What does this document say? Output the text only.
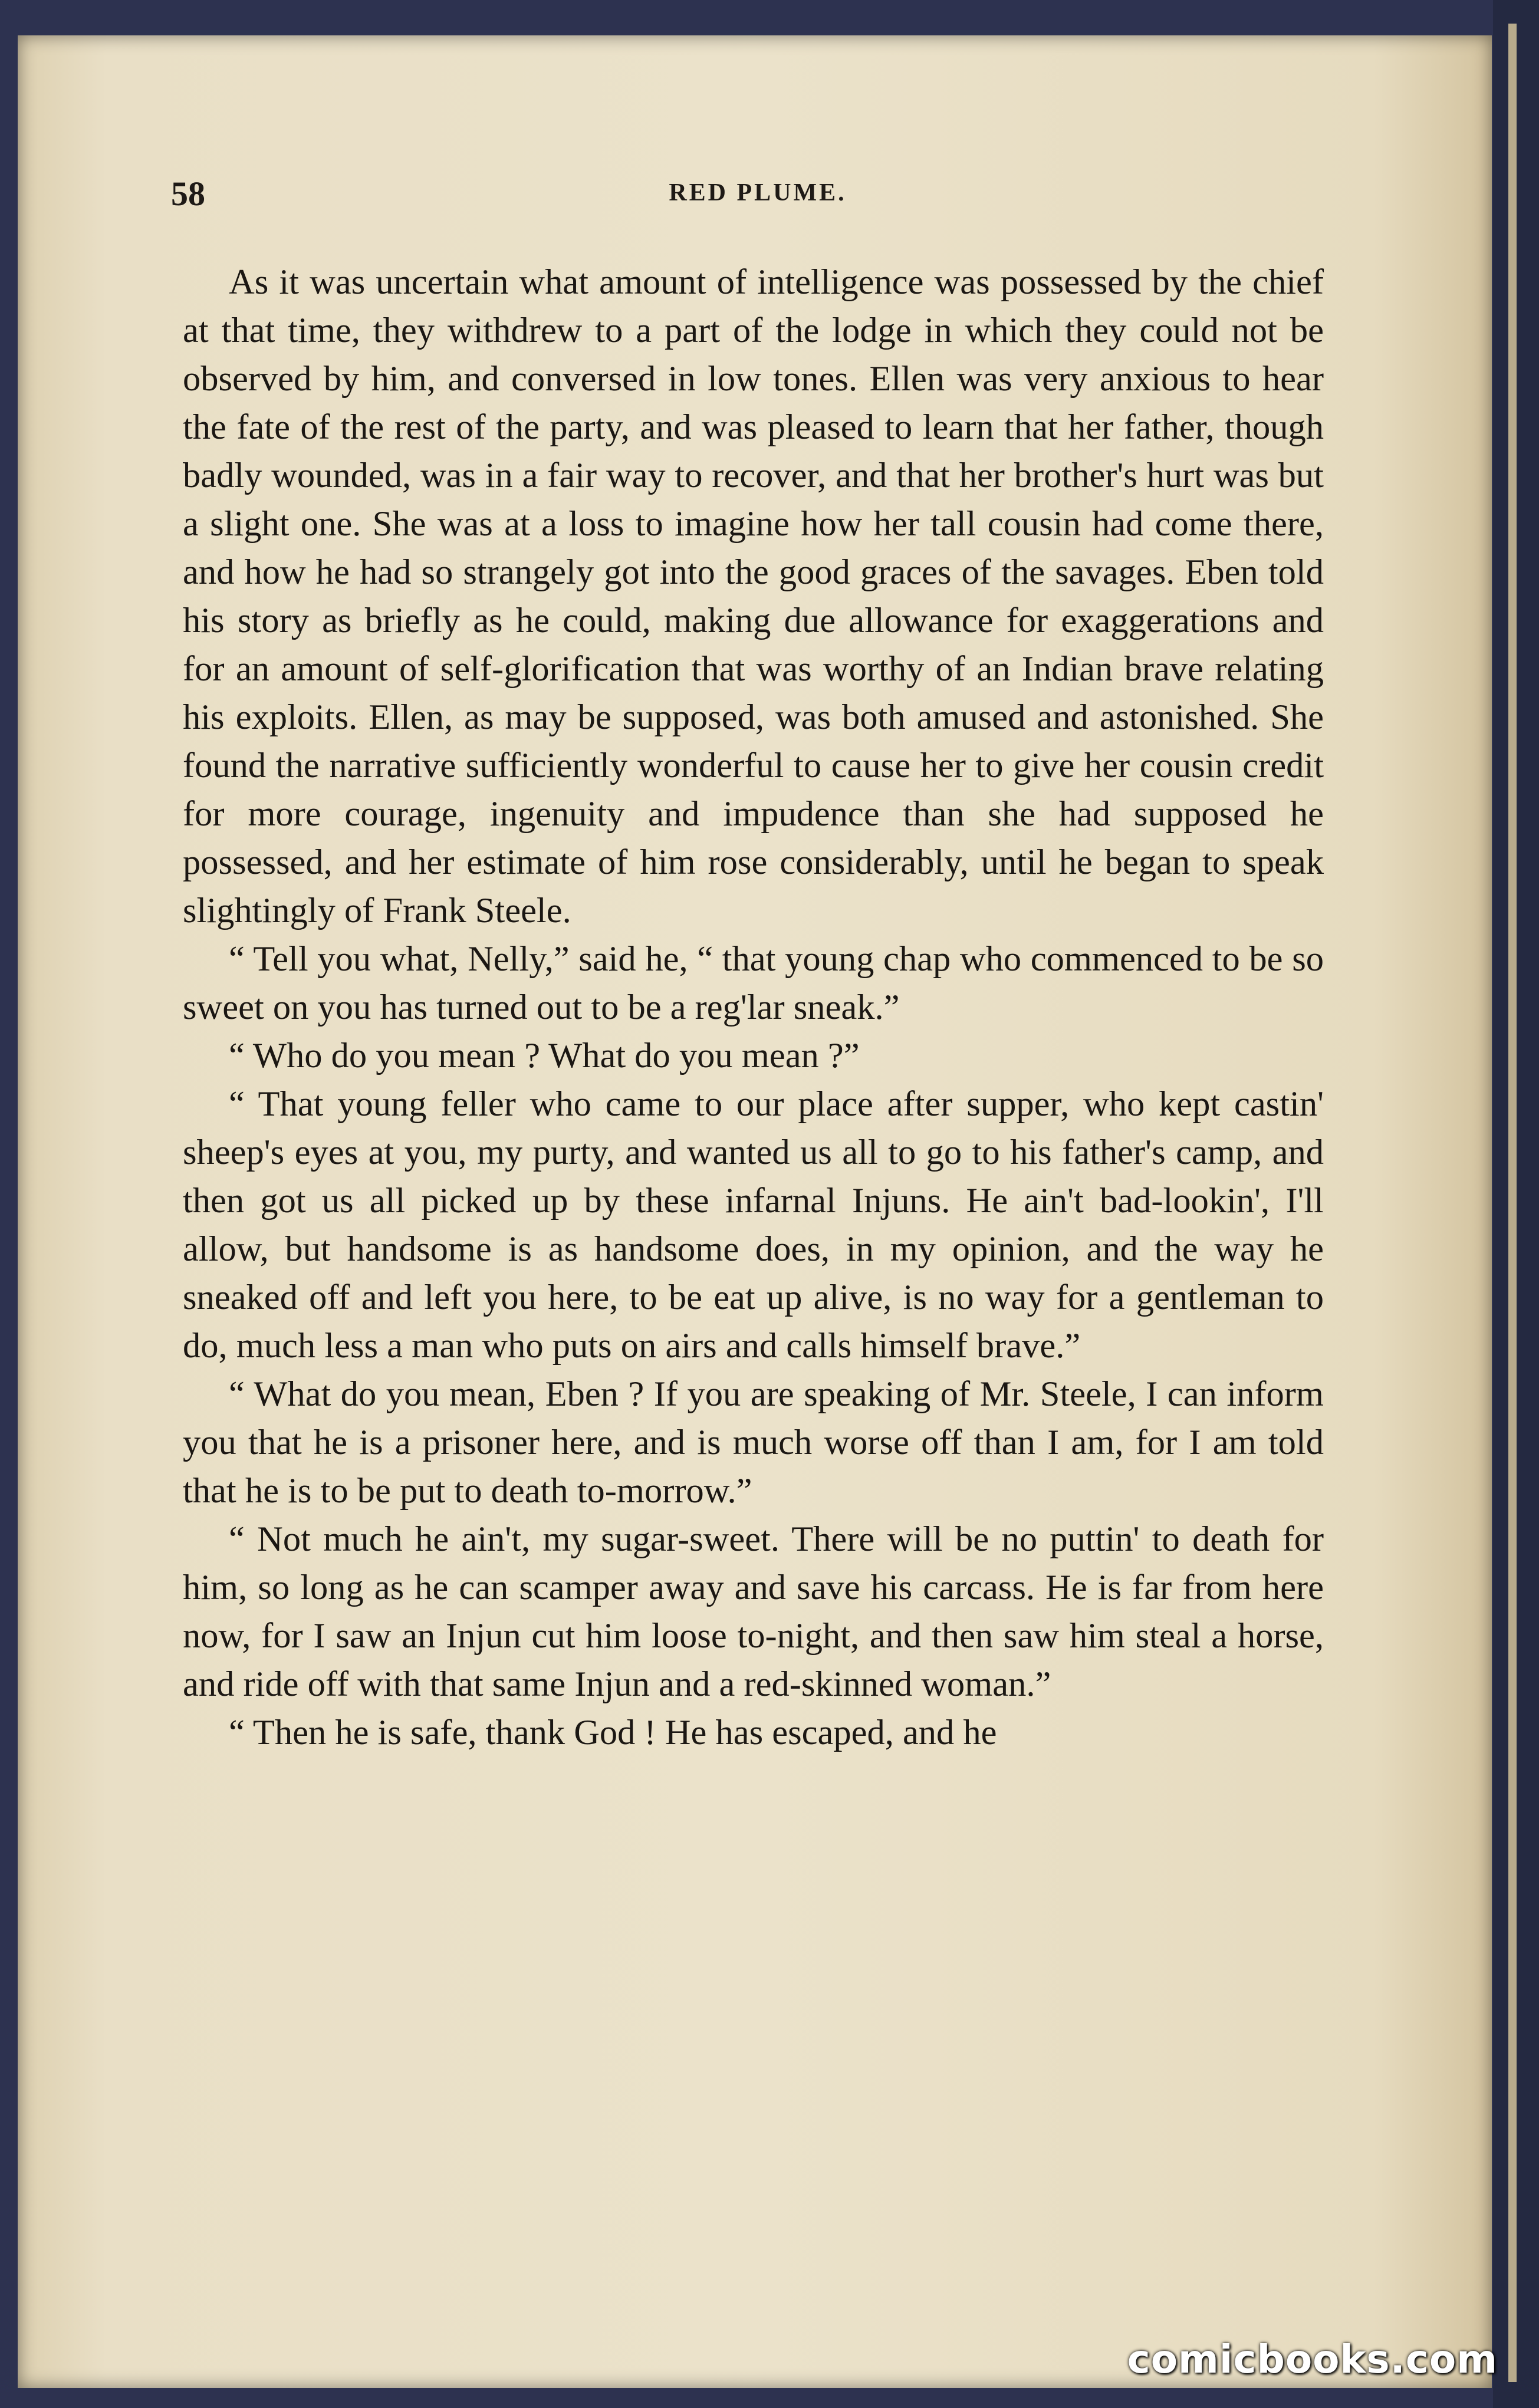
58	RED PLUME.

As it was uncertain what amount of intelligence was possessed by the chief at that time, they withdrew to a part of the lodge in which they could not be observed by him, and conversed in low tones. Ellen was very anxious to hear the fate of the rest of the party, and was pleased to learn that her father, though badly wounded, was in a fair way to recover, and that her brother's hurt was but a slight one. She was at a loss to imagine how her tall cousin had come there, and how he had so strangely got into the good graces of the savages. Eben told his story as briefly as he could, making due allowance for exaggerations and for an amount of self-glorification that was worthy of an Indian brave relating his exploits. Ellen, as may be supposed, was both amused and astonished. She found the narrative sufficiently wonderful to cause her to give her cousin credit for more courage, ingenuity and impudence than she had supposed he possessed, and her estimate of him rose considerably, until he began to speak slightingly of Frank Steele.

“ Tell you what, Nelly,” said he, “ that young chap who commenced to be so sweet on you has turned out to be a reg'lar sneak.”

“ Who do you mean ? What do you mean ?”

“ That young feller who came to our place after supper, who kept castin' sheep's eyes at you, my purty, and wanted us all to go to his father's camp, and then got us all picked up by these infarnal Injuns. He ain't bad-lookin', I'll allow, but handsome is as handsome does, in my opinion, and the way he sneaked off and left you here, to be eat up alive, is no way for a gentleman to do, much less a man who puts on airs and calls himself brave.”

“ What do you mean, Eben ? If you are speaking of Mr. Steele, I can inform you that he is a prisoner here, and is much worse off than I am, for I am told that he is to be put to death to-morrow.”

“ Not much he ain't, my sugar-sweet. There will be no puttin' to death for him, so long as he can scamper away and save his carcass. He is far from here now, for I saw an Injun cut him loose to-night, and then saw him steal a horse, and ride off with that same Injun and a red-skinned woman.”

“ Then he is safe, thank God ! He has escaped, and he

comicbooks.com
